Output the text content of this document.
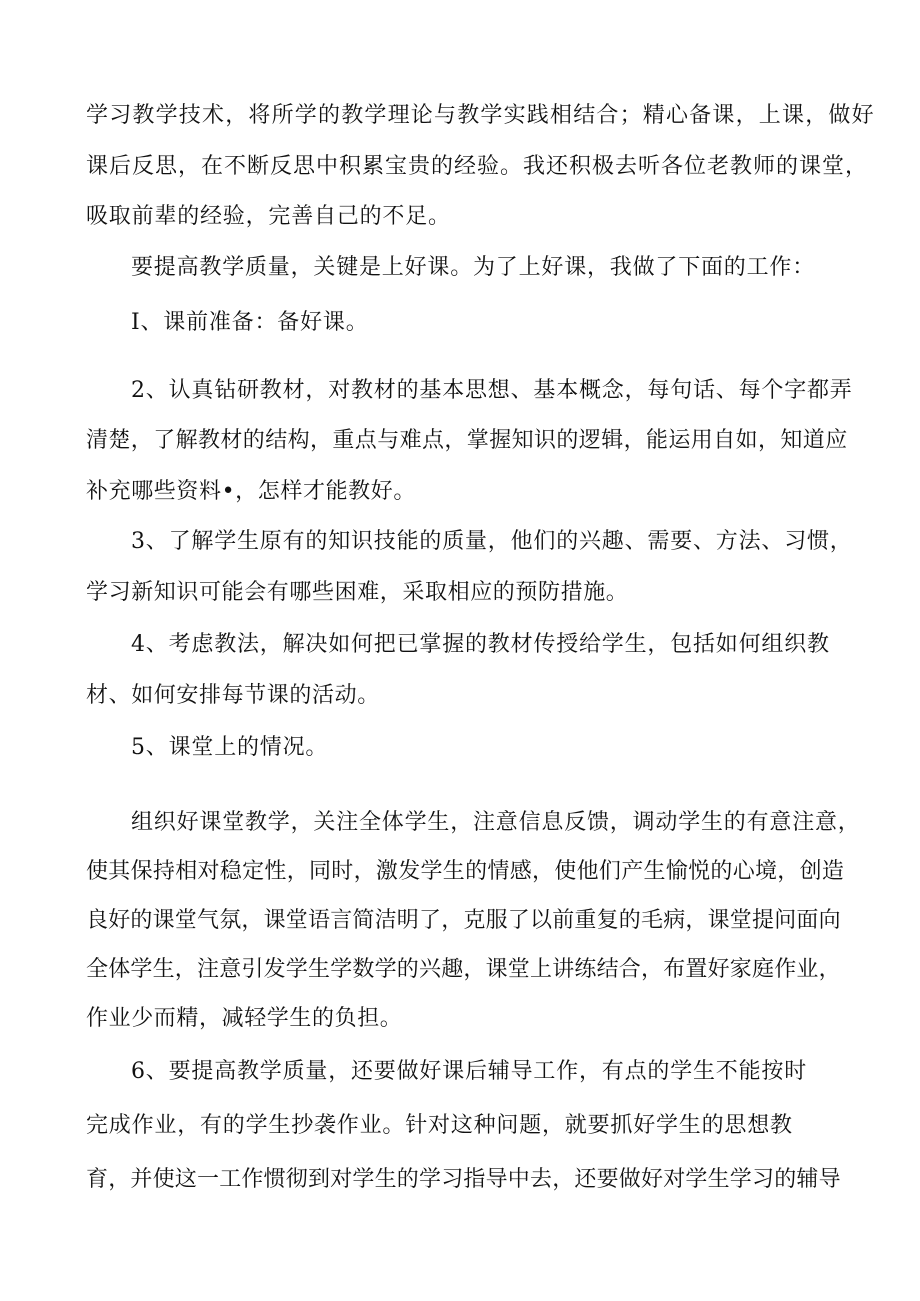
学习教学技术，将所学的教学理论与教学实践相结合；精心备课，上课，做好
课后反思，在不断反思中积累宝贵的经验。我还积极去听各位老教师的课堂，
吸取前辈的经验，完善自己的不足。
要提高教学质量，关键是上好课。为了上好课，我做了下面的工作：
I、课前准备：备好课。
2、认真钻研教材，对教材的基本思想、基本概念，每句话、每个字都弄
清楚，了解教材的结构，重点与难点，掌握知识的逻辑，能运用自如，知道应
补充哪些资料•，怎样才能教好。
3、了解学生原有的知识技能的质量，他们的兴趣、需要、方法、习惯，
学习新知识可能会有哪些困难，采取相应的预防措施。
4、考虑教法，解决如何把已掌握的教材传授给学生，包括如何组织教
材、如何安排每节课的活动。
5、课堂上的情况。
组织好课堂教学，关注全体学生，注意信息反馈，调动学生的有意注意，
使其保持相对稳定性，同时，激发学生的情感，使他们产生愉悦的心境，创造
良好的课堂气氛，课堂语言简洁明了，克服了以前重复的毛病，课堂提问面向
全体学生，注意引发学生学数学的兴趣，课堂上讲练结合，布置好家庭作业，
作业少而精，减轻学生的负担。
6、要提高教学质量，还要做好课后辅导工作，有点的学生不能按时
完成作业，有的学生抄袭作业。针对这种问题，就要抓好学生的思想教
育，并使这一工作惯彻到对学生的学习指导中去，还要做好对学生学习的辅导
